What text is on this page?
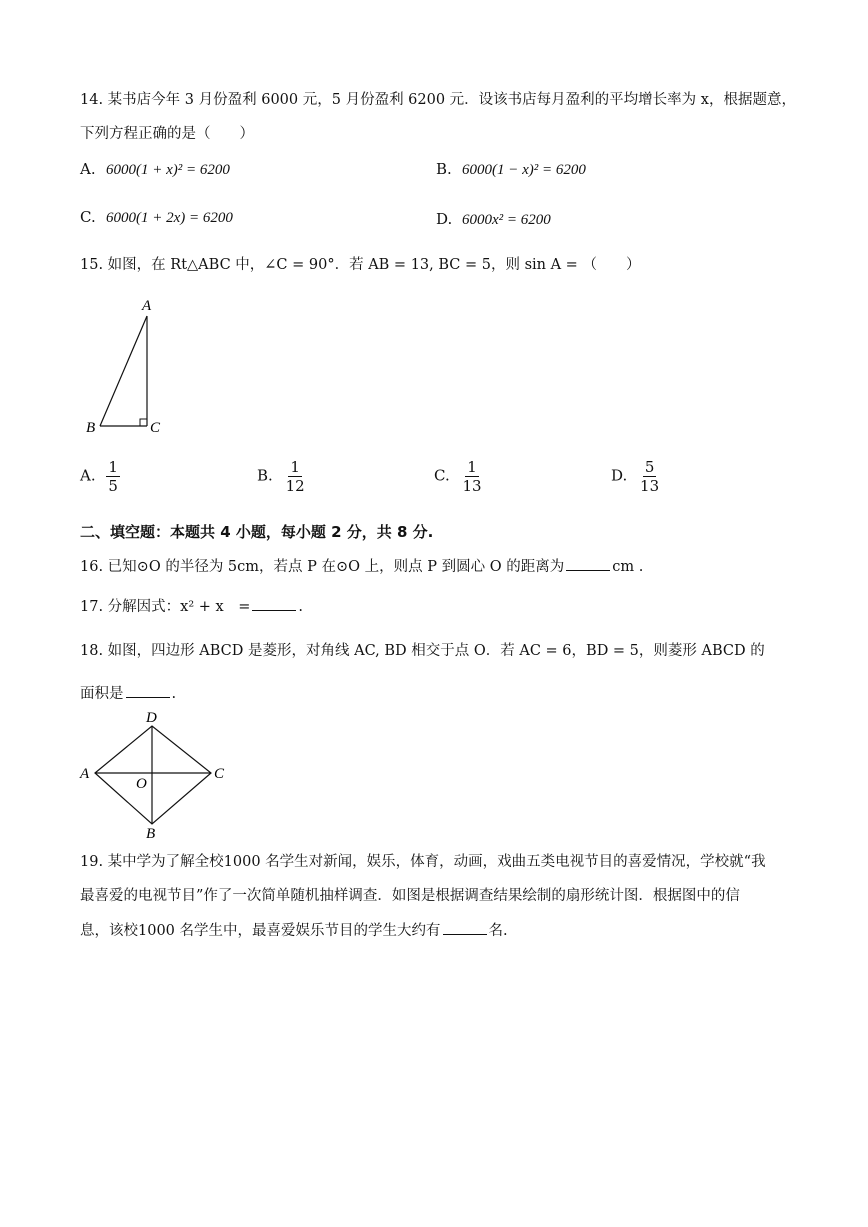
14. 某书店今年 3 月份盈利 6000 元，5 月份盈利 6200 元．设该书店每月盈利的平均增长率为 x，根据题意，
下列方程正确的是（　　）
A. 6000(1 + x)² = 6200	B. 6000(1 − x)² = 6200
C. 6000(1 + 2x) = 6200	D. 6000x² = 6200
15. 如图，在 Rt△ABC 中，∠C = 90°．若 AB = 13, BC = 5，则 sin A = （　　）
A
B	C
A. $\frac{1}{5}$	B. $\frac{1}{12}$	C. $\frac{1}{13}$	D. $\frac{5}{13}$
二、填空题：本题共 4 小题，每小题 2 分，共 8 分.
16. 已知⊙O 的半径为 5cm，若点 P 在⊙O 上，则点 P 到圆心 O 的距离为	cm .
17. 分解因式：x² + x　=	.
18. 如图，四边形 ABCD 是菱形，对角线 AC, BD 相交于点 O．若 AC = 6，BD = 5，则菱形 ABCD 的
面积是	.
D
A	C
O
B
19. 某中学为了解全校1000 名学生对新闻，娱乐，体育，动画，戏曲五类电视节目的喜爱情况，学校就“我
最喜爱的电视节目”作了一次简单随机抽样调查．如图是根据调查结果绘制的扇形统计图．根据图中的信
息，该校1000 名学生中，最喜爱娱乐节目的学生大约有	名.
